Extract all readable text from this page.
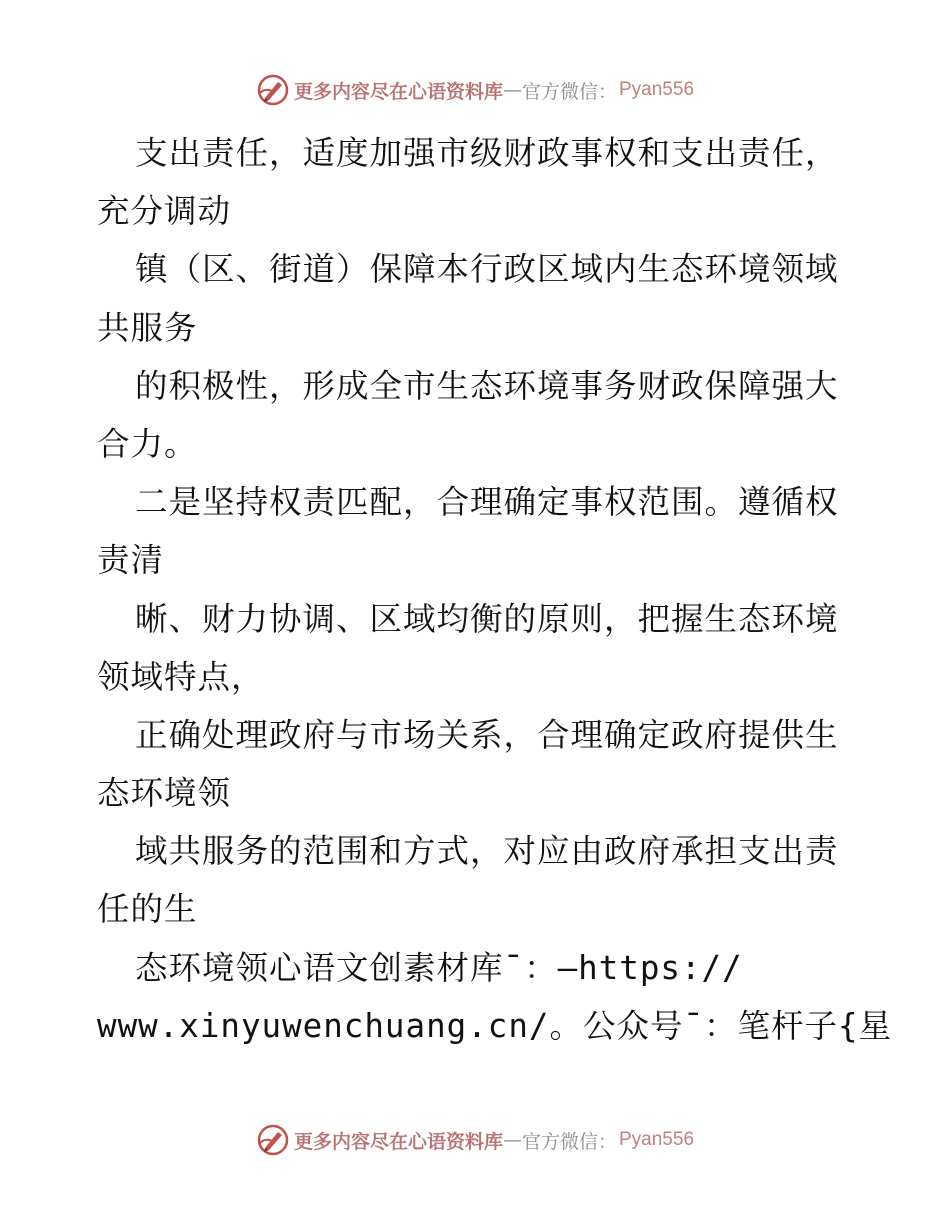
更多内容尽在心语资料库 — 官方微信： Pyan556
支出责任，适度加强市级财政事权和支出责任，
充分调动
镇（区、街道）保障本行政区域内生态环境领域
共服务
的积极性，形成全市生态环境事务财政保障强大
合力。
二是坚持权责匹配，合理确定事权范围。遵循权
责清
晰、财力协调、区域均衡的原则，把握生态环境
领域特点，
正确处理政府与市场关系，合理确定政府提供生
态环境领
域共服务的范围和方式，对应由政府承担支出责
任的生
态环境领心语文创素材库¯：—https://
www.xinyuwenchuang.cn/。公众号¯：笔杆子{星
更多内容尽在心语资料库 — 官方微信： Pyan556
